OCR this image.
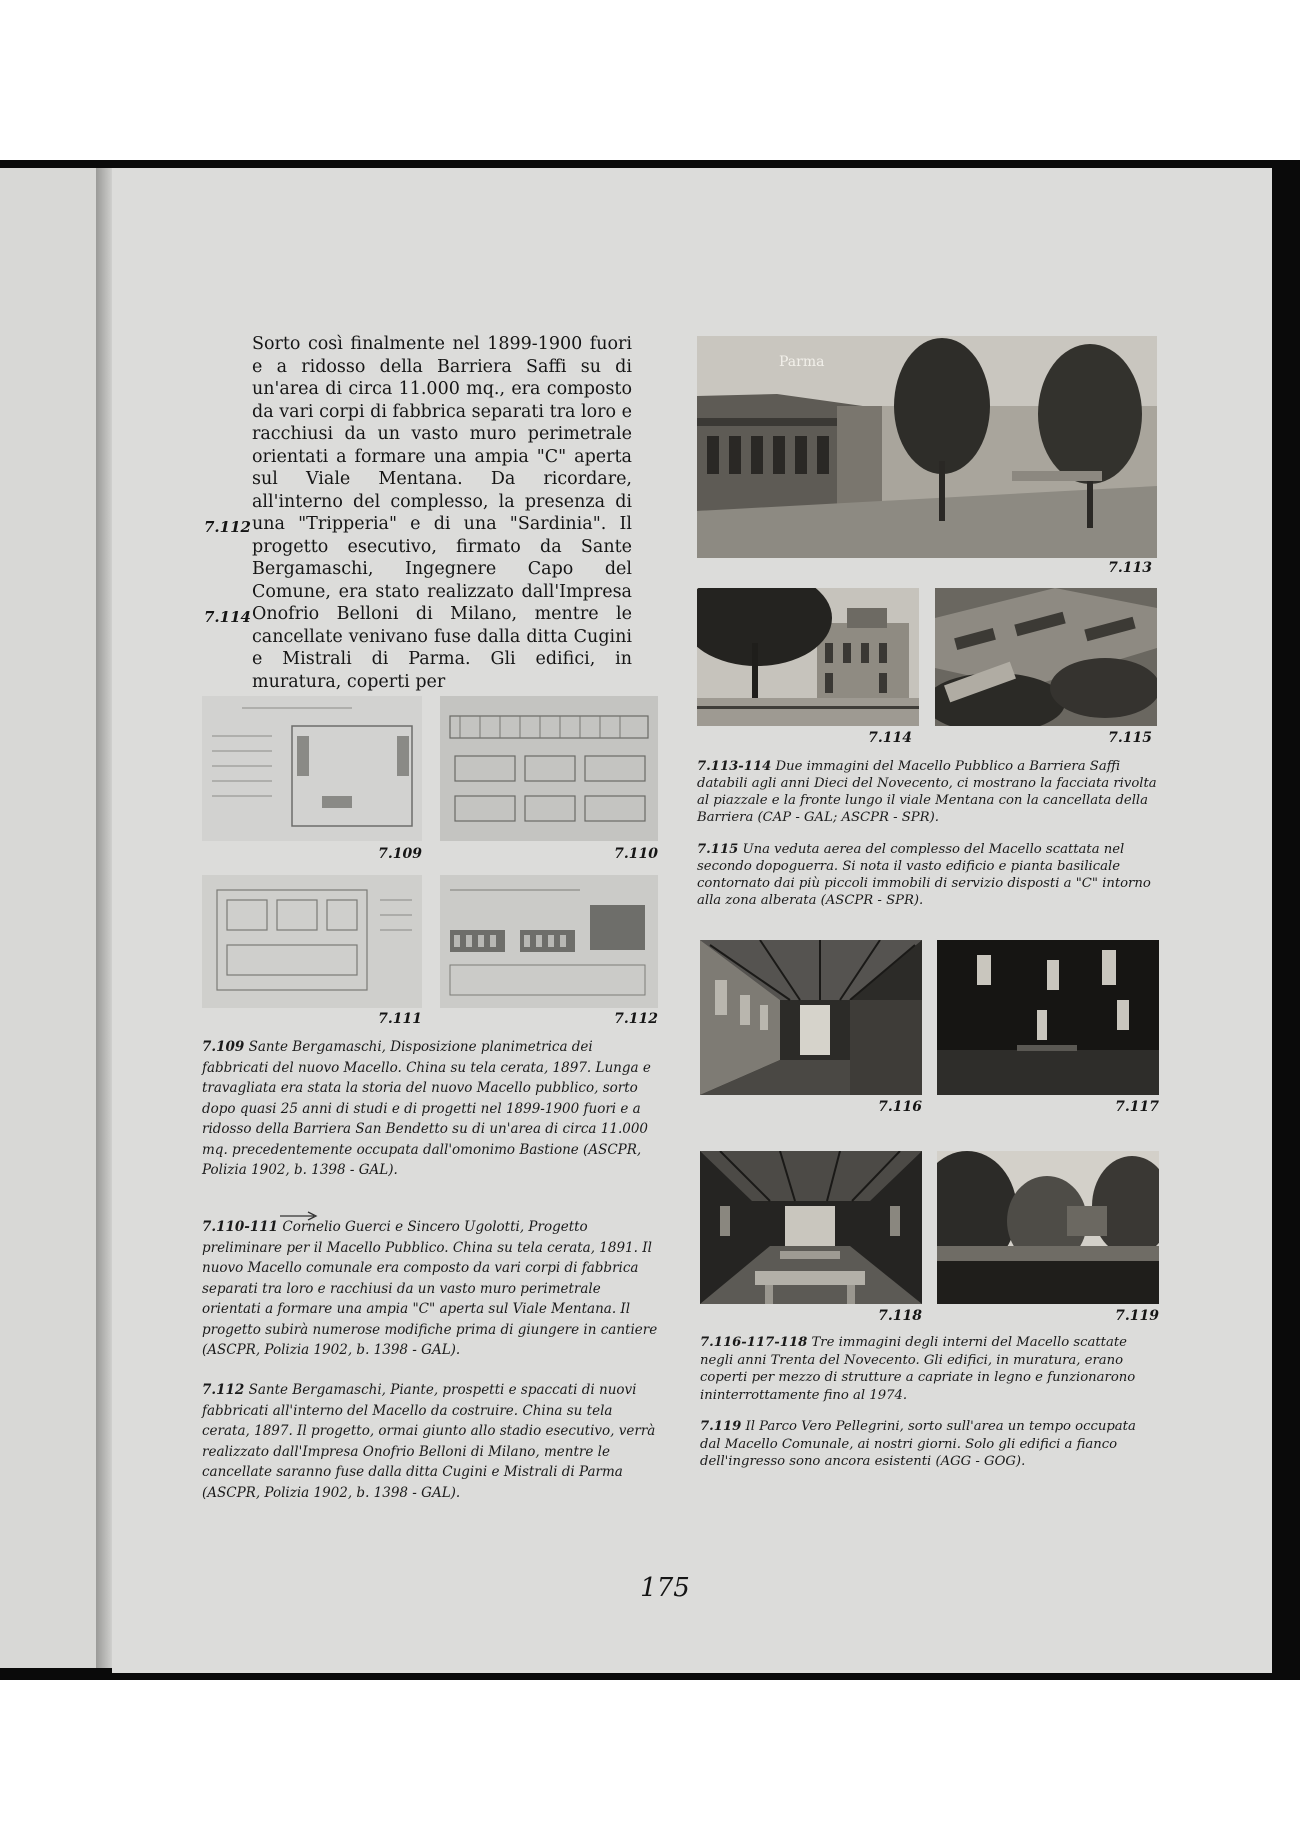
Sorto così finalmente nel 1899-1900 fuori e a ridosso della Barriera Saffi su di un'area di circa 11.000 mq., era composto da vari corpi di fabbrica separati tra loro e racchiusi da un vasto muro perimetrale orientati a formare una ampia "C" aperta sul Viale Mentana. Da ricordare, all'interno del complesso, la presenza di una "Tripperia" e di una "Sardinia". Il progetto esecutivo, firmato da Sante Bergamaschi, Ingegnere Capo del Comune, era stato realizzato dall'Impresa Onofrio Belloni di Milano, mentre le cancellate venivano fuse dalla ditta Cugini e Mistrali di Parma. Gli edifici, in muratura, coperti per

7.112
7.114
Parma
7.113
7.114	7.115

7.113-114 Due immagini del Macello Pubblico a Barriera Saffi databili agli anni Dieci del Novecento, ci mostrano la facciata rivolta al piazzale e la fronte lungo il viale Mentana con la cancellata della Barriera (CAP - GAL; ASCPR - SPR).

7.115 Una veduta aerea del complesso del Macello scattata nel secondo dopoguerra. Si nota il vasto edificio e pianta basilicale contornato dai più piccoli immobili di servizio disposti a "C" intorno alla zona alberata (ASCPR - SPR).

7.109	7.110
7.111	7.112

7.109 Sante Bergamaschi, Disposizione planimetrica dei fabbricati del nuovo Macello. China su tela cerata, 1897. Lunga e travagliata era stata la storia del nuovo Macello pubblico, sorto dopo quasi 25 anni di studi e di progetti nel 1899-1900 fuori e a ridosso della Barriera San Bendetto su di un'area di circa 11.000 mq. precedentemente occupata dall'omonimo Bastione (ASCPR, Polizia 1902, b. 1398 - GAL).

7.110-111 Cornelio Guerci e Sincero Ugolotti, Progetto preliminare per il Macello Pubblico. China su tela cerata, 1891. Il nuovo Macello comunale era composto da vari corpi di fabbrica separati tra loro e racchiusi da un vasto muro perimetrale orientati a formare una ampia "C" aperta sul Viale Mentana. Il progetto subirà numerose modifiche prima di giungere in cantiere (ASCPR, Polizia 1902, b. 1398 - GAL).

7.112 Sante Bergamaschi, Piante, prospetti e spaccati di nuovi fabbricati all'interno del Macello da costruire. China su tela cerata, 1897. Il progetto, ormai giunto allo stadio esecutivo, verrà realizzato dall'Impresa Onofrio Belloni di Milano, mentre le cancellate saranno fuse dalla ditta Cugini e Mistrali di Parma (ASCPR, Polizia 1902, b. 1398 - GAL).

7.116	7.117
7.118	7.119

7.116-117-118 Tre immagini degli interni del Macello scattate negli anni Trenta del Novecento. Gli edifici, in muratura, erano coperti per mezzo di strutture a capriate in legno e funzionarono ininterrottamente fino al 1974.

7.119 Il Parco Vero Pellegrini, sorto sull'area un tempo occupata dal Macello Comunale, ai nostri giorni. Solo gli edifici a fianco dell'ingresso sono ancora esistenti (AGG - GOG).

175
